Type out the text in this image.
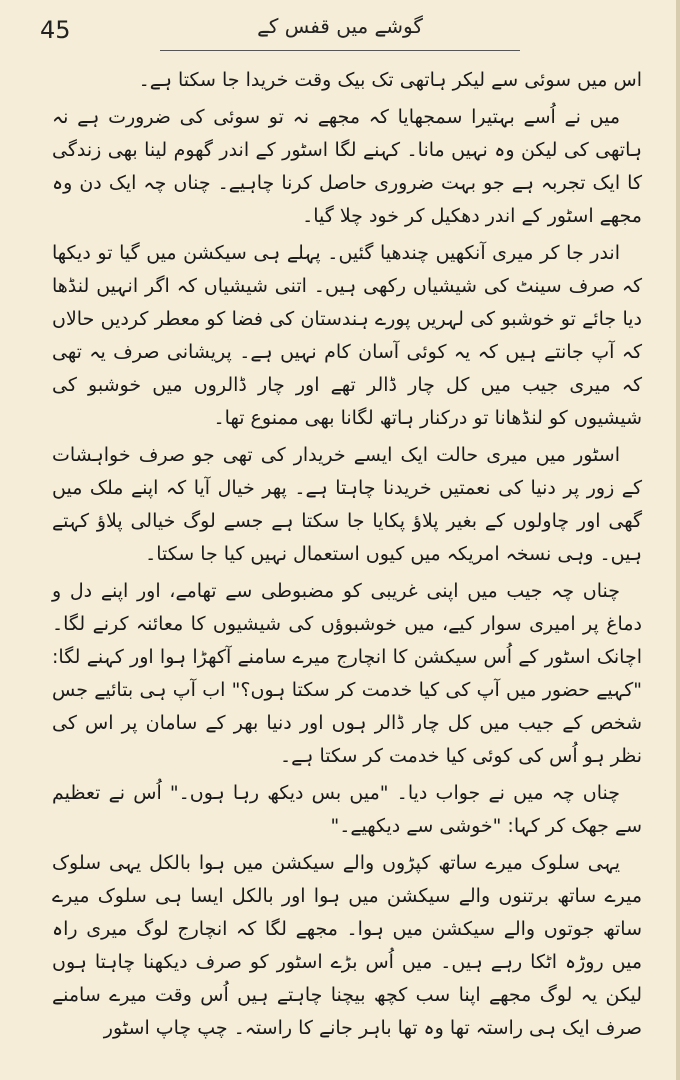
45	گوشے میں قفس کے

اس میں سوئی سے لیکر ہاتھی تک بیک وقت خریدا جا سکتا ہے۔

میں نے اُسے بہتیرا سمجھایا کہ مجھے نہ تو سوئی کی ضرورت ہے نہ ہاتھی کی لیکن وہ نہیں مانا۔ کہنے لگا اسٹور کے اندر گھوم لینا بھی زندگی کا ایک تجربہ ہے جو بہت ضروری حاصل کرنا چاہیے۔ چناں چہ ایک دن وہ مجھے اسٹور کے اندر دھکیل کر خود چلا گیا۔

اندر جا کر میری آنکھیں چندھیا گئیں۔ پہلے ہی سیکشن میں گیا تو دیکھا کہ صرف سینٹ کی شیشیاں رکھی ہیں۔ اتنی شیشیاں کہ اگر انہیں لنڈھا دیا جائے تو خوشبو کی لہریں پورے ہندستان کی فضا کو معطر کردیں حالاں کہ آپ جانتے ہیں کہ یہ کوئی آسان کام نہیں ہے۔ پریشانی صرف یہ تھی کہ میری جیب میں کل چار ڈالر تھے اور چار ڈالروں میں خوشبو کی شیشیوں کو لنڈھانا تو درکنار ہاتھ لگانا بھی ممنوع تھا۔

اسٹور میں میری حالت ایک ایسے خریدار کی تھی جو صرف خواہشات کے زور پر دنیا کی نعمتیں خریدنا چاہتا ہے۔ پھر خیال آیا کہ اپنے ملک میں گھی اور چاولوں کے بغیر پلاؤ پکایا جا سکتا ہے جسے لوگ خیالی پلاؤ کہتے ہیں۔ وہی نسخہ امریکہ میں کیوں استعمال نہیں کیا جا سکتا۔

چناں چہ جیب میں اپنی غریبی کو مضبوطی سے تھامے، اور اپنے دل و دماغ پر امیری سوار کیے، میں خوشبوؤں کی شیشیوں کا معائنہ کرنے لگا۔ اچانک اسٹور کے اُس سیکشن کا انچارج میرے سامنے آکھڑا ہوا اور کہنے لگا: "کہیے حضور میں آپ کی کیا خدمت کر سکتا ہوں؟" اب آپ ہی بتائیے جس شخص کے جیب میں کل چار ڈالر ہوں اور دنیا بھر کے سامان پر اس کی نظر ہو اُس کی کوئی کیا خدمت کر سکتا ہے۔

چناں چہ میں نے جواب دیا۔ "میں بس دیکھ رہا ہوں۔" اُس نے تعظیم سے جھک کر کہا: "خوشی سے دیکھیے۔"

یہی سلوک میرے ساتھ کپڑوں والے سیکشن میں ہوا بالکل یہی سلوک میرے ساتھ برتنوں والے سیکشن میں ہوا اور بالکل ایسا ہی سلوک میرے ساتھ جوتوں والے سیکشن میں ہوا۔ مجھے لگا کہ انچارج لوگ میری راہ میں روڑہ اٹکا رہے ہیں۔ میں اُس بڑے اسٹور کو صرف دیکھنا چاہتا ہوں لیکن یہ لوگ مجھے اپنا سب کچھ بیچنا چاہتے ہیں اُس وقت میرے سامنے صرف ایک ہی راستہ تھا وہ تھا باہر جانے کا راستہ۔ چپ چاپ اسٹور
